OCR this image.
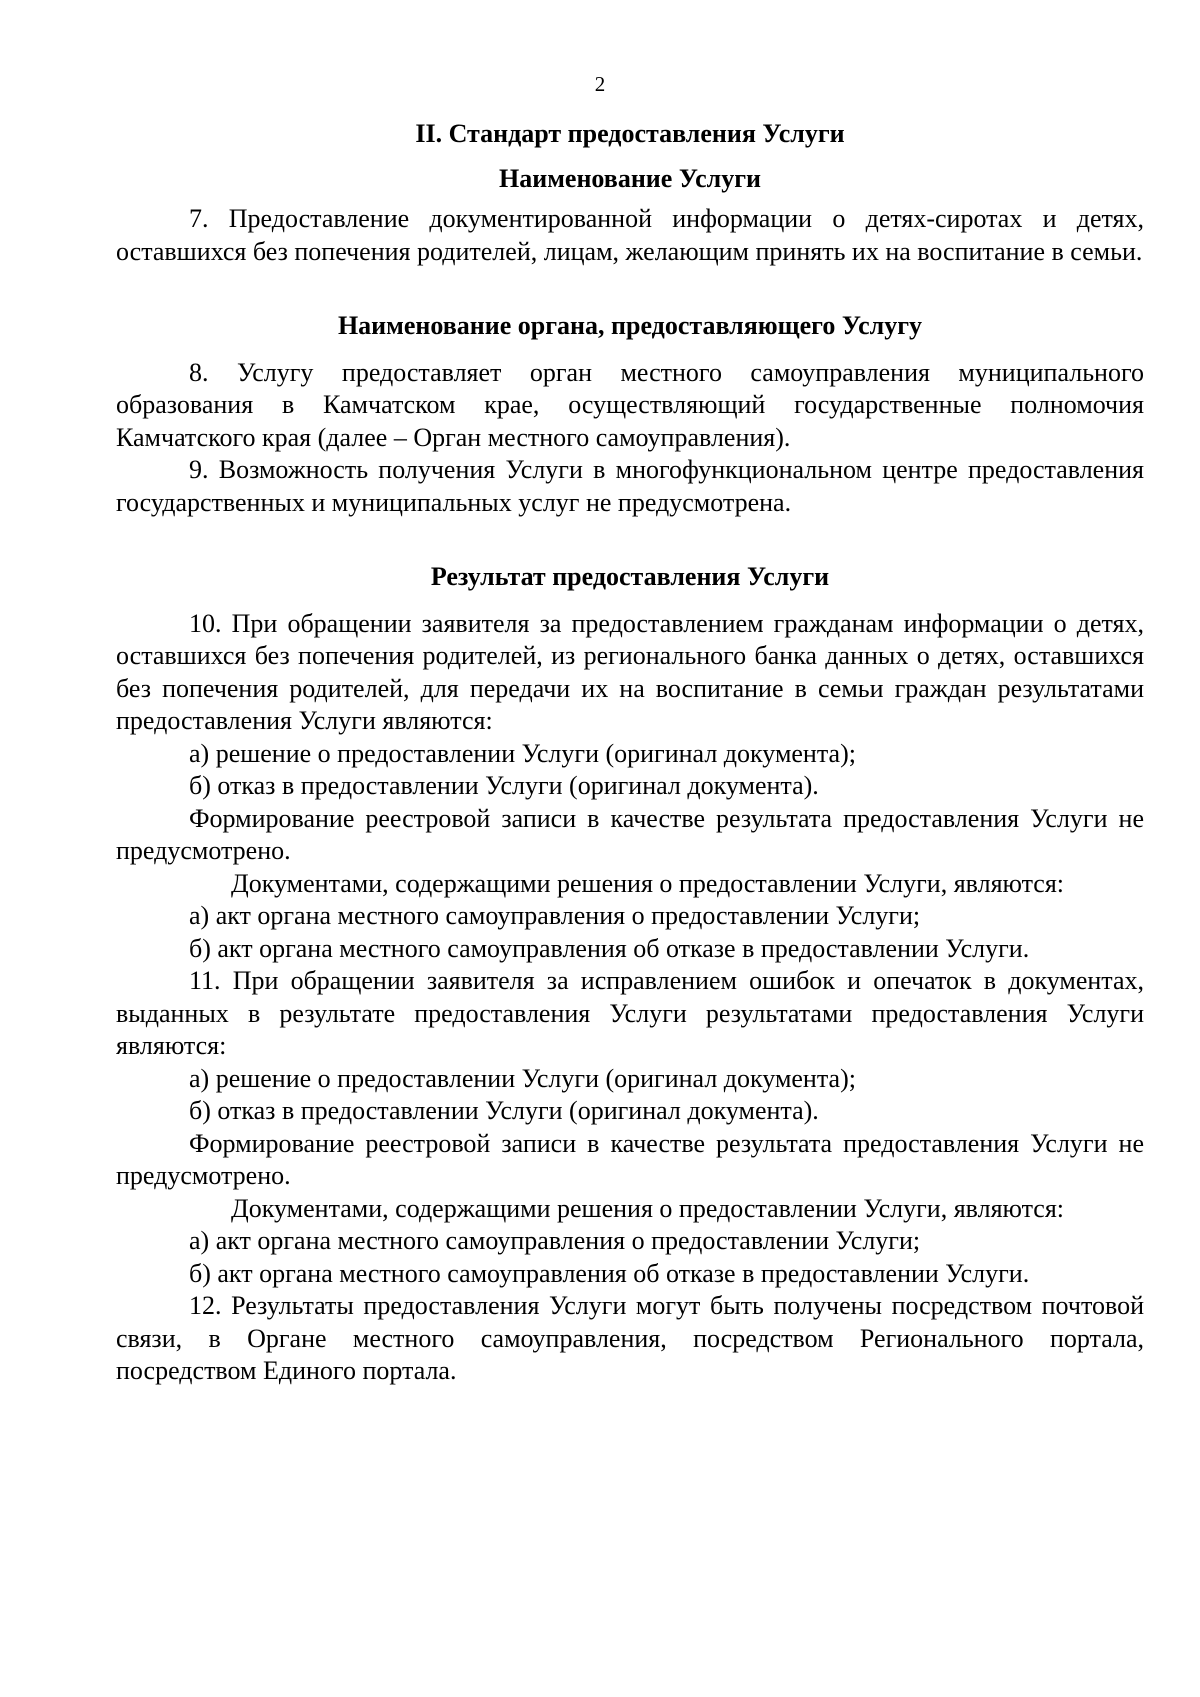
2
II. Стандарт предоставления Услуги
Наименование Услуги

7. Предоставление документированной информации о детях-сиротах и детях, оставшихся без попечения родителей, лицам, желающим принять их на воспитание в семьи.

Наименование органа, предоставляющего Услугу

8. Услугу предоставляет орган местного самоуправления муниципального образования в Камчатском крае, осуществляющий государственные полномочия Камчатского края (далее – Орган местного самоуправления).

9. Возможность получения Услуги в многофункциональном центре предоставления государственных и муниципальных услуг не предусмотрена.

Результат предоставления Услуги

10. При обращении заявителя за предоставлением гражданам информации о детях, оставшихся без попечения родителей, из регионального банка данных о детях, оставшихся без попечения родителей, для передачи их на воспитание в семьи граждан результатами предоставления Услуги являются:

а) решение о предоставлении Услуги (оригинал документа);

б) отказ в предоставлении Услуги (оригинал документа).

Формирование реестровой записи в качестве результата предоставления Услуги не предусмотрено.

Документами, содержащими решения о предоставлении Услуги, являются:

а) акт органа местного самоуправления о предоставлении Услуги;

б) акт органа местного самоуправления об отказе в предоставлении Услуги.

11. При обращении заявителя за исправлением ошибок и опечаток в документах, выданных в результате предоставления Услуги результатами предоставления Услуги являются:

а) решение о предоставлении Услуги (оригинал документа);

б) отказ в предоставлении Услуги (оригинал документа).

Формирование реестровой записи в качестве результата предоставления Услуги не предусмотрено.

Документами, содержащими решения о предоставлении Услуги, являются:

а) акт органа местного самоуправления о предоставлении Услуги;

б) акт органа местного самоуправления об отказе в предоставлении Услуги.

12. Результаты предоставления Услуги могут быть получены посредством почтовой связи, в Органе местного самоуправления, посредством Регионального портала, посредством Единого портала.
